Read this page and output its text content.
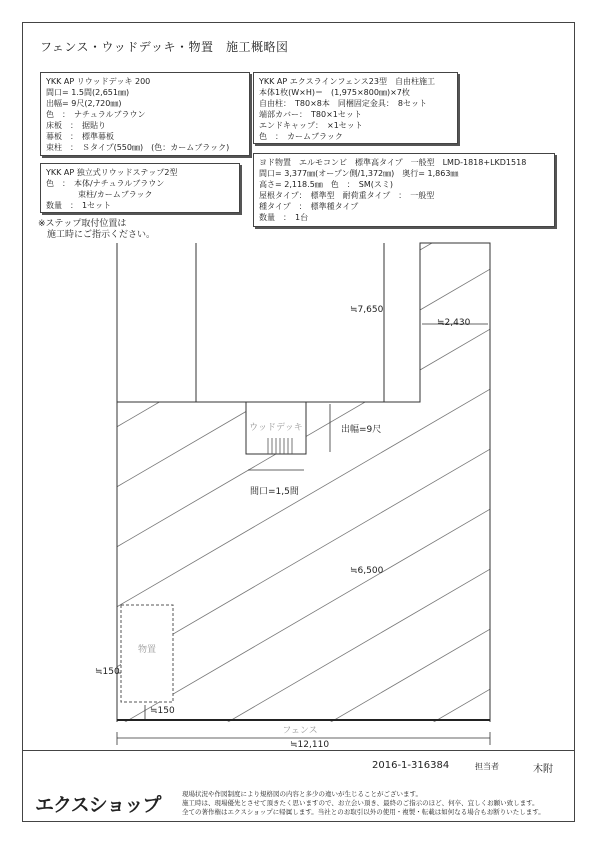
フェンス・ウッドデッキ・物置　施工概略図
YKK AP リウッドデッキ 200
間口= 1.5間(2,651㎜)
出幅= 9尺(2,720㎜)
色　：　ナチュラルブラウン
床板　：　据貼り
幕板　：　標準幕板
束柱　：　Ｓタイプ(550㎜)　(色：カームブラック)
YKK AP 独立式リウッドステップ2型
色　：　本体/ナチュラルブラウン
　　　　束柱/カームブラック
数量　：　1セット
YKK AP エクスラインフェンス23型　自由柱施工
本体1枚(W×H)＝　(1,975×800㎜)×7枚
自由柱：　T80×8本　同梱固定金具：　8セット
端部カバー：　T80×1セット
エンドキャップ：　×1セット
色　：　カームブラック
ヨド物置　エルモコンビ　標準高タイプ　一般型　LMD-1818+LKD1518
間口= 3,377㎜(オープン側/1,372㎜)　奥行= 1,863㎜
高さ= 2,118.5㎜　色　：　SM(スミ)
屋根タイプ：　標準型　耐荷重タイプ　：　一般型
種タイプ　：　標準種タイプ
数量　：　1台
※ステップ取付位置は
　施工時にご指示ください。
ウッドデッキ
物置
フェンス
≒7,650
≒2,430
出幅=9尺
間口=1,5間
≒6,500
≒150
≒150
≒12,110
2016-1-316384	担当者	木附
エクスショップ	現場状況や作図制度により規格図の内容と多少の違いが生じることがございます。
施工時は、現場優先とさせて頂きたく思いますので、お立会い頂き、最終のご指示のほど、何卒、宜しくお願い致します。
全ての著作権はエクスショップに帰属します。当社とのお取引以外の使用・複製・転載は如何なる場合もお断りいたします。
